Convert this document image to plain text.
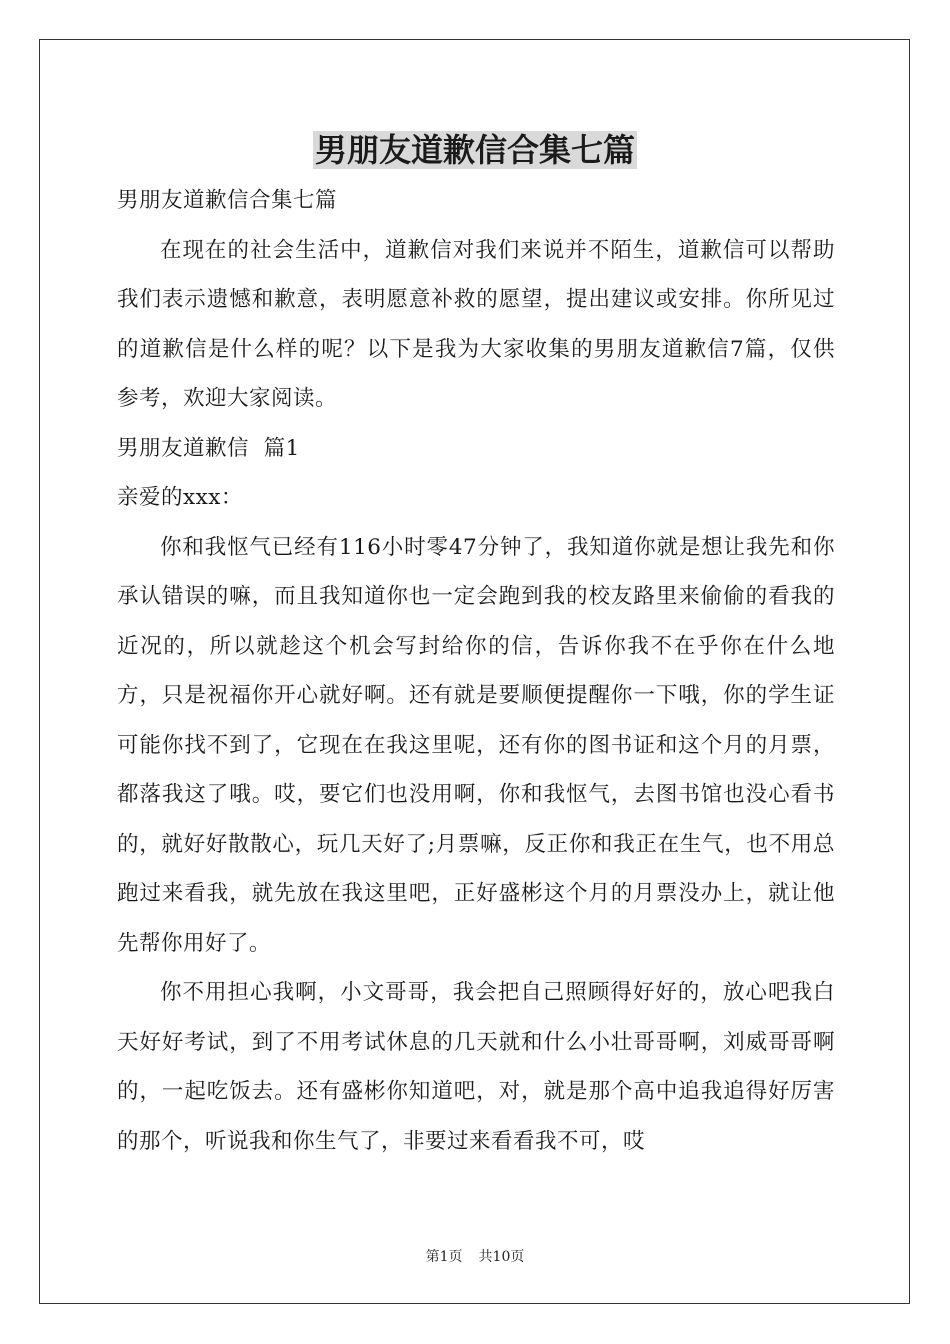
男朋友道歉信合集七篇

男朋友道歉信合集七篇

在现在的社会生活中，道歉信对我们来说并不陌生，道歉信可以帮助我们表示遗憾和歉意，表明愿意补救的愿望，提出建议或安排。你所见过的道歉信是什么样的呢？以下是我为大家收集的男朋友道歉信7篇，仅供参考，欢迎大家阅读。

男朋友道歉信  篇1

亲爱的xxx：

你和我怄气已经有116小时零47分钟了，我知道你就是想让我先和你承认错误的嘛，而且我知道你也一定会跑到我的校友路里来偷偷的看我的近况的，所以就趁这个机会写封给你的信，告诉你我不在乎你在什么地方，只是祝福你开心就好啊。还有就是要顺便提醒你一下哦，你的学生证可能你找不到了，它现在在我这里呢，还有你的图书证和这个月的月票，都落我这了哦。哎，要它们也没用啊，你和我怄气，去图书馆也没心看书的，就好好散散心，玩几天好了;月票嘛，反正你和我正在生气，也不用总跑过来看我，就先放在我这里吧，正好盛彬这个月的月票没办上，就让他先帮你用好了。

你不用担心我啊，小文哥哥，我会把自己照顾得好好的，放心吧我白天好好考试，到了不用考试休息的几天就和什么小壮哥哥啊，刘威哥哥啊的，一起吃饭去。还有盛彬你知道吧，对，就是那个高中追我追得好厉害的那个，听说我和你生气了，非要过来看看我不可，哎

第1页 共10页
